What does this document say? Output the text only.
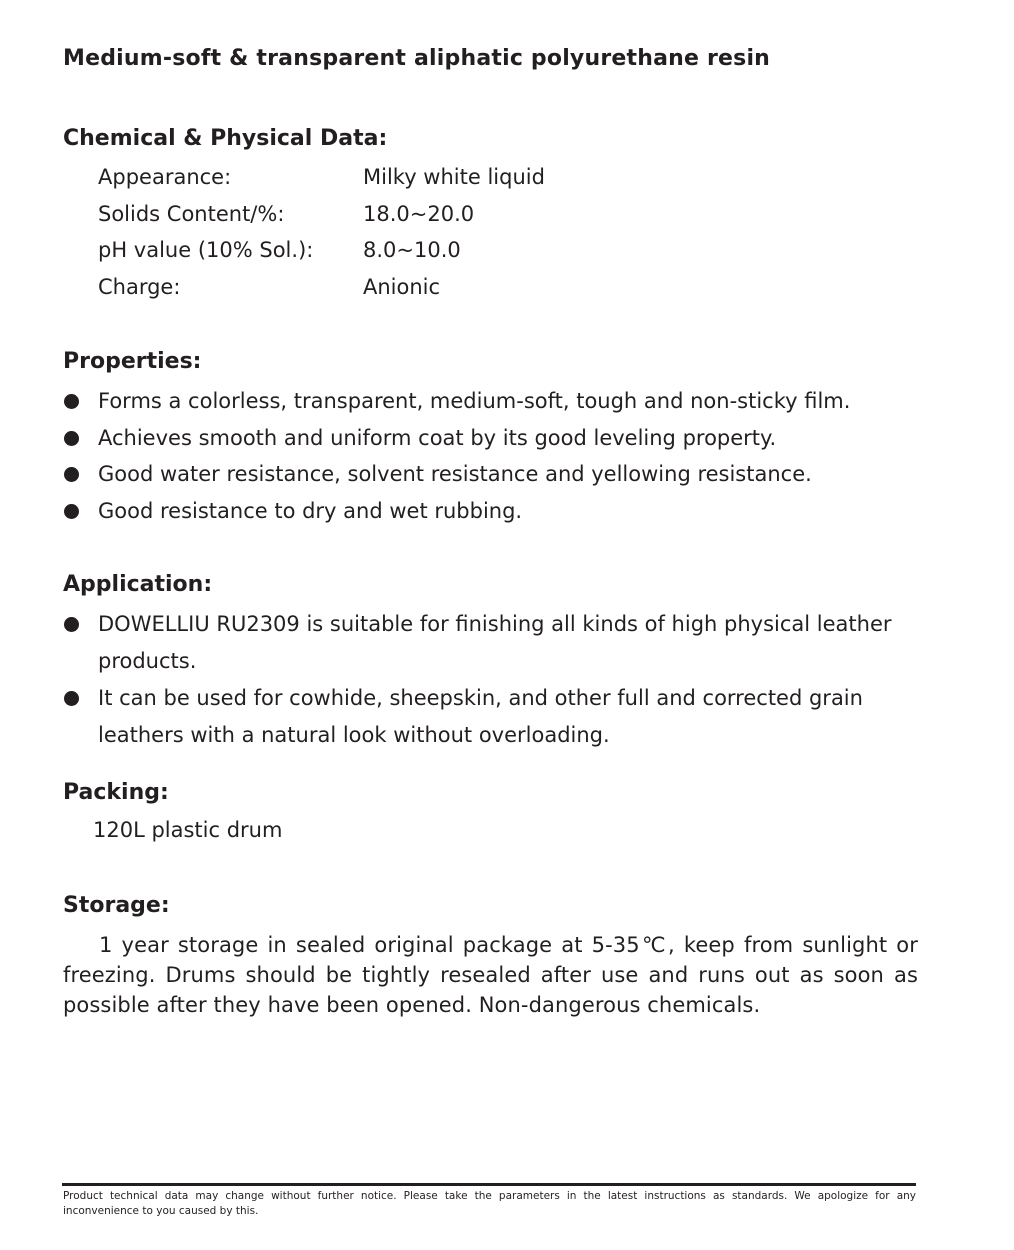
Medium-soft & transparent aliphatic polyurethane resin
Chemical & Physical Data:
Appearance:	Milky white liquid
Solids Content/%:	18.0~20.0
pH value (10% Sol.): 8.0~10.0
Charge:	Anionic
Properties:
Forms a colorless, transparent, medium-soft, tough and non-sticky film.
Achieves smooth and uniform coat by its good leveling property.
Good water resistance, solvent resistance and yellowing resistance.
Good resistance to dry and wet rubbing.
Application:
DOWELLIU RU2309 is suitable for finishing all kinds of high physical leather products.
It can be used for cowhide, sheepskin, and other full and corrected grain leathers with a natural look without overloading.
Packing:
120L plastic drum
Storage:
1 year storage in sealed original package at 5-35℃, keep from sunlight or freezing. Drums should be tightly resealed after use and runs out as soon as possible after they have been opened. Non-dangerous chemicals.
Product technical data may change without further notice. Please take the parameters in the latest instructions as standards. We apologize for any inconvenience to you caused by this.
